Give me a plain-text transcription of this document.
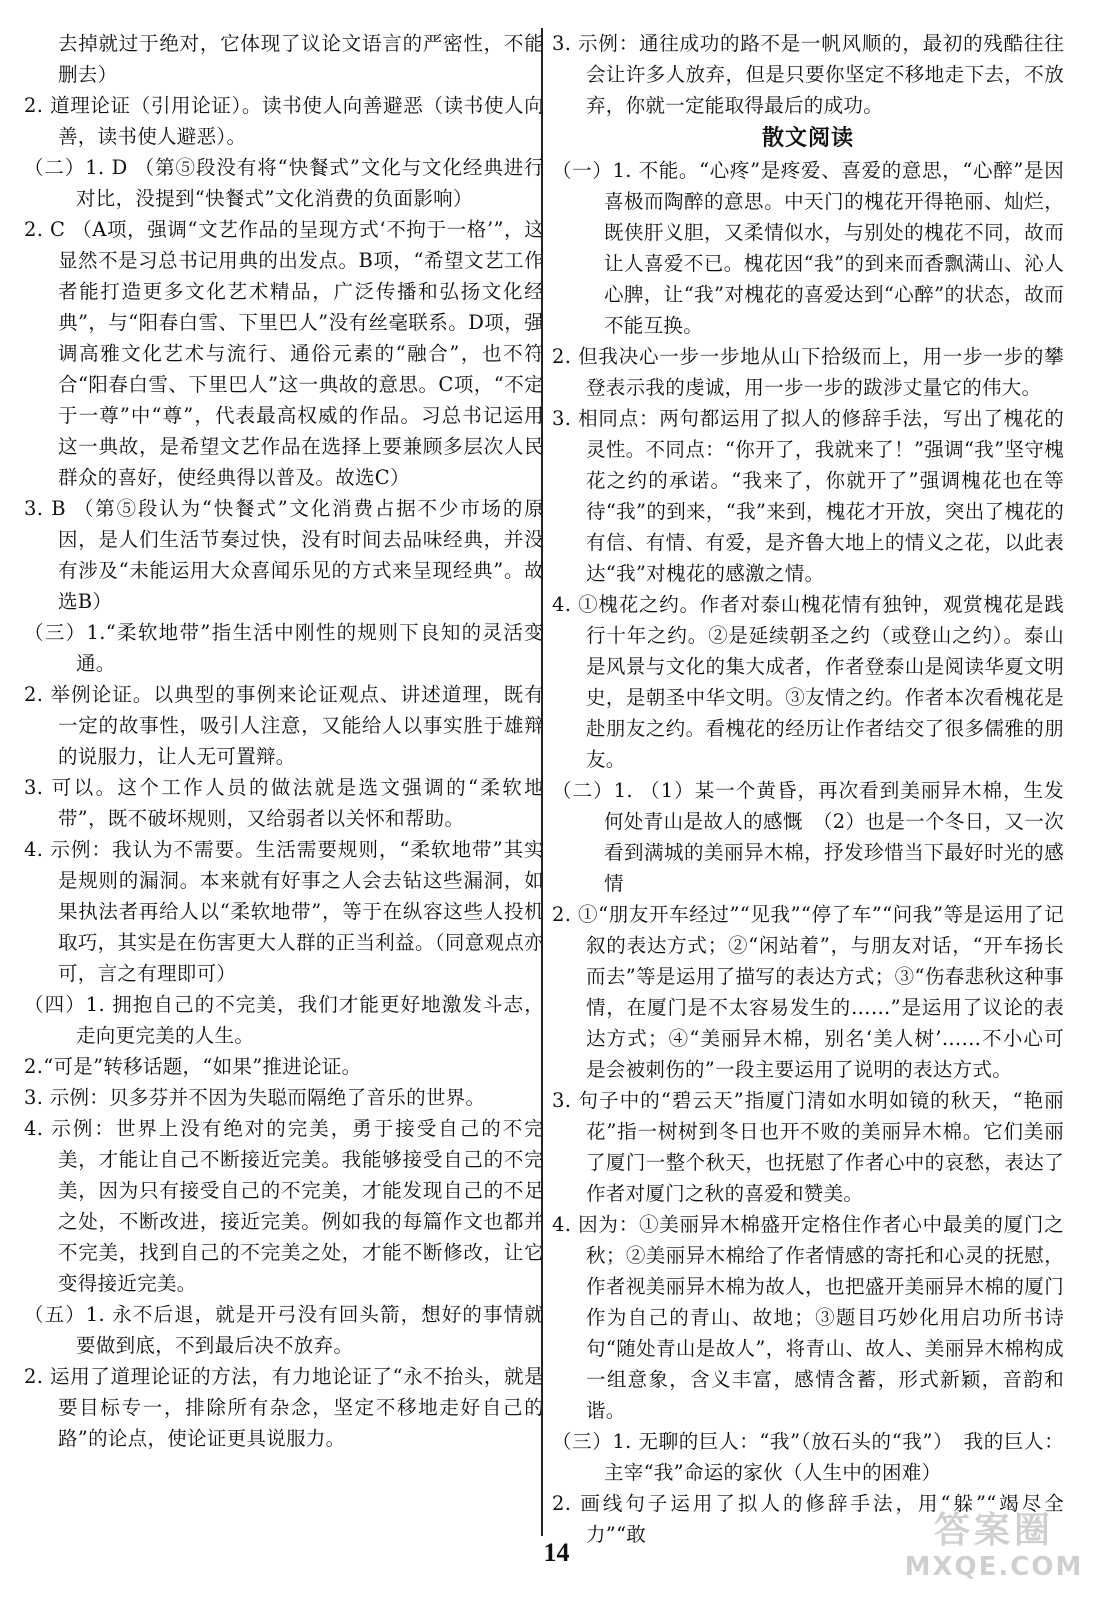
去掉就过于绝对，它体现了议论文语言的严密性，不能删去）

2. 道理论证（引用论证）。读书使人向善避恶（读书使人向善，读书使人避恶）。

（二）1. D （第⑤段没有将“快餐式”文化与文化经典进行对比，没提到“快餐式”文化消费的负面影响）

2. C （A项，强调“文艺作品的呈现方式‘不拘于一格’”，这显然不是习总书记用典的出发点。B项，“希望文艺工作者能打造更多文化艺术精品，广泛传播和弘扬文化经典”，与“阳春白雪、下里巴人”没有丝毫联系。D项，强调高雅文化艺术与流行、通俗元素的“融合”，也不符合“阳春白雪、下里巴人”这一典故的意思。C项，“不定于一尊”中“尊”，代表最高权威的作品。习总书记运用这一典故，是希望文艺作品在选择上要兼顾多层次人民群众的喜好，使经典得以普及。故选C）

3. B （第⑤段认为“快餐式”文化消费占据不少市场的原因，是人们生活节奏过快，没有时间去品味经典，并没有涉及“未能运用大众喜闻乐见的方式来呈现经典”。故选B）

（三）1.“柔软地带”指生活中刚性的规则下良知的灵活变通。

2. 举例论证。以典型的事例来论证观点、讲述道理，既有一定的故事性，吸引人注意，又能给人以事实胜于雄辩的说服力，让人无可置辩。

3. 可以。这个工作人员的做法就是选文强调的“柔软地带”，既不破坏规则，又给弱者以关怀和帮助。

4. 示例：我认为不需要。生活需要规则，“柔软地带”其实是规则的漏洞。本来就有好事之人会去钻这些漏洞，如果执法者再给人以“柔软地带”，等于在纵容这些人投机取巧，其实是在伤害更大人群的正当利益。（同意观点亦可，言之有理即可）

（四）1. 拥抱自己的不完美，我们才能更好地激发斗志，走向更完美的人生。

2.“可是”转移话题，“如果”推进论证。

3. 示例：贝多芬并不因为失聪而隔绝了音乐的世界。

4. 示例：世界上没有绝对的完美，勇于接受自己的不完美，才能让自己不断接近完美。我能够接受自己的不完美，因为只有接受自己的不完美，才能发现自己的不足之处，不断改进，接近完美。例如我的每篇作文也都并不完美，找到自己的不完美之处，才能不断修改，让它变得接近完美。

（五）1. 永不后退，就是开弓没有回头箭，想好的事情就要做到底，不到最后决不放弃。

2. 运用了道理论证的方法，有力地论证了“永不抬头，就是要目标专一，排除所有杂念，坚定不移地走好自己的路”的论点，使论证更具说服力。

3. 示例：通往成功的路不是一帆风顺的，最初的残酷往往会让许多人放弃，但是只要你坚定不移地走下去，不放弃，你就一定能取得最后的成功。

散文阅读

（一）1. 不能。“心疼”是疼爱、喜爱的意思，“心醉”是因喜极而陶醉的意思。中天门的槐花开得艳丽、灿烂，既侠肝义胆，又柔情似水，与别处的槐花不同，故而让人喜爱不已。槐花因“我”的到来而香飘满山、沁人心脾，让“我”对槐花的喜爱达到“心醉”的状态，故而不能互换。

2. 但我决心一步一步地从山下拾级而上，用一步一步的攀登表示我的虔诚，用一步一步的跋涉丈量它的伟大。

3. 相同点：两句都运用了拟人的修辞手法，写出了槐花的灵性。不同点：“你开了，我就来了！”强调“我”坚守槐花之约的承诺。“我来了，你就开了”强调槐花也在等待“我”的到来，“我”来到，槐花才开放，突出了槐花的有信、有情、有爱，是齐鲁大地上的情义之花，以此表达“我”对槐花的感激之情。

4. ①槐花之约。作者对泰山槐花情有独钟，观赏槐花是践行十年之约。②是延续朝圣之约（或登山之约）。泰山是风景与文化的集大成者，作者登泰山是阅读华夏文明史，是朝圣中华文明。③友情之约。作者本次看槐花是赴朋友之约。看槐花的经历让作者结交了很多儒雅的朋友。

（二）1. （1）某一个黄昏，再次看到美丽异木棉，生发何处青山是故人的感慨　（2）也是一个冬日，又一次看到满城的美丽异木棉，抒发珍惜当下最好时光的感情

2. ①“朋友开车经过”“见我”“停了车”“问我”等是运用了记叙的表达方式；②“闲站着”，与朋友对话，“开车扬长而去”等是运用了描写的表达方式；③“伤春悲秋这种事情，在厦门是不太容易发生的……”是运用了议论的表达方式；④“美丽异木棉，别名‘美人树’……不小心可是会被刺伤的”一段主要运用了说明的表达方式。

3. 句子中的“碧云天”指厦门清如水明如镜的秋天，“艳丽花”指一树树到冬日也开不败的美丽异木棉。它们美丽了厦门一整个秋天，也抚慰了作者心中的哀愁，表达了作者对厦门之秋的喜爱和赞美。

4. 因为：①美丽异木棉盛开定格住作者心中最美的厦门之秋；②美丽异木棉给了作者情感的寄托和心灵的抚慰，作者视美丽异木棉为故人，也把盛开美丽异木棉的厦门作为自己的青山、故地；③题目巧妙化用启功所书诗句“随处青山是故人”，将青山、故人、美丽异木棉构成一组意象，含义丰富，感情含蓄，形式新颖，音韵和谐。

（三）1. 无聊的巨人：“我”（放石头的“我”）　我的巨人：主宰“我”命运的家伙（人生中的困难）

2. 画线句子运用了拟人的修辞手法，用“躲”“竭尽全力”“敢

14
答案圈
MXQE.COM
